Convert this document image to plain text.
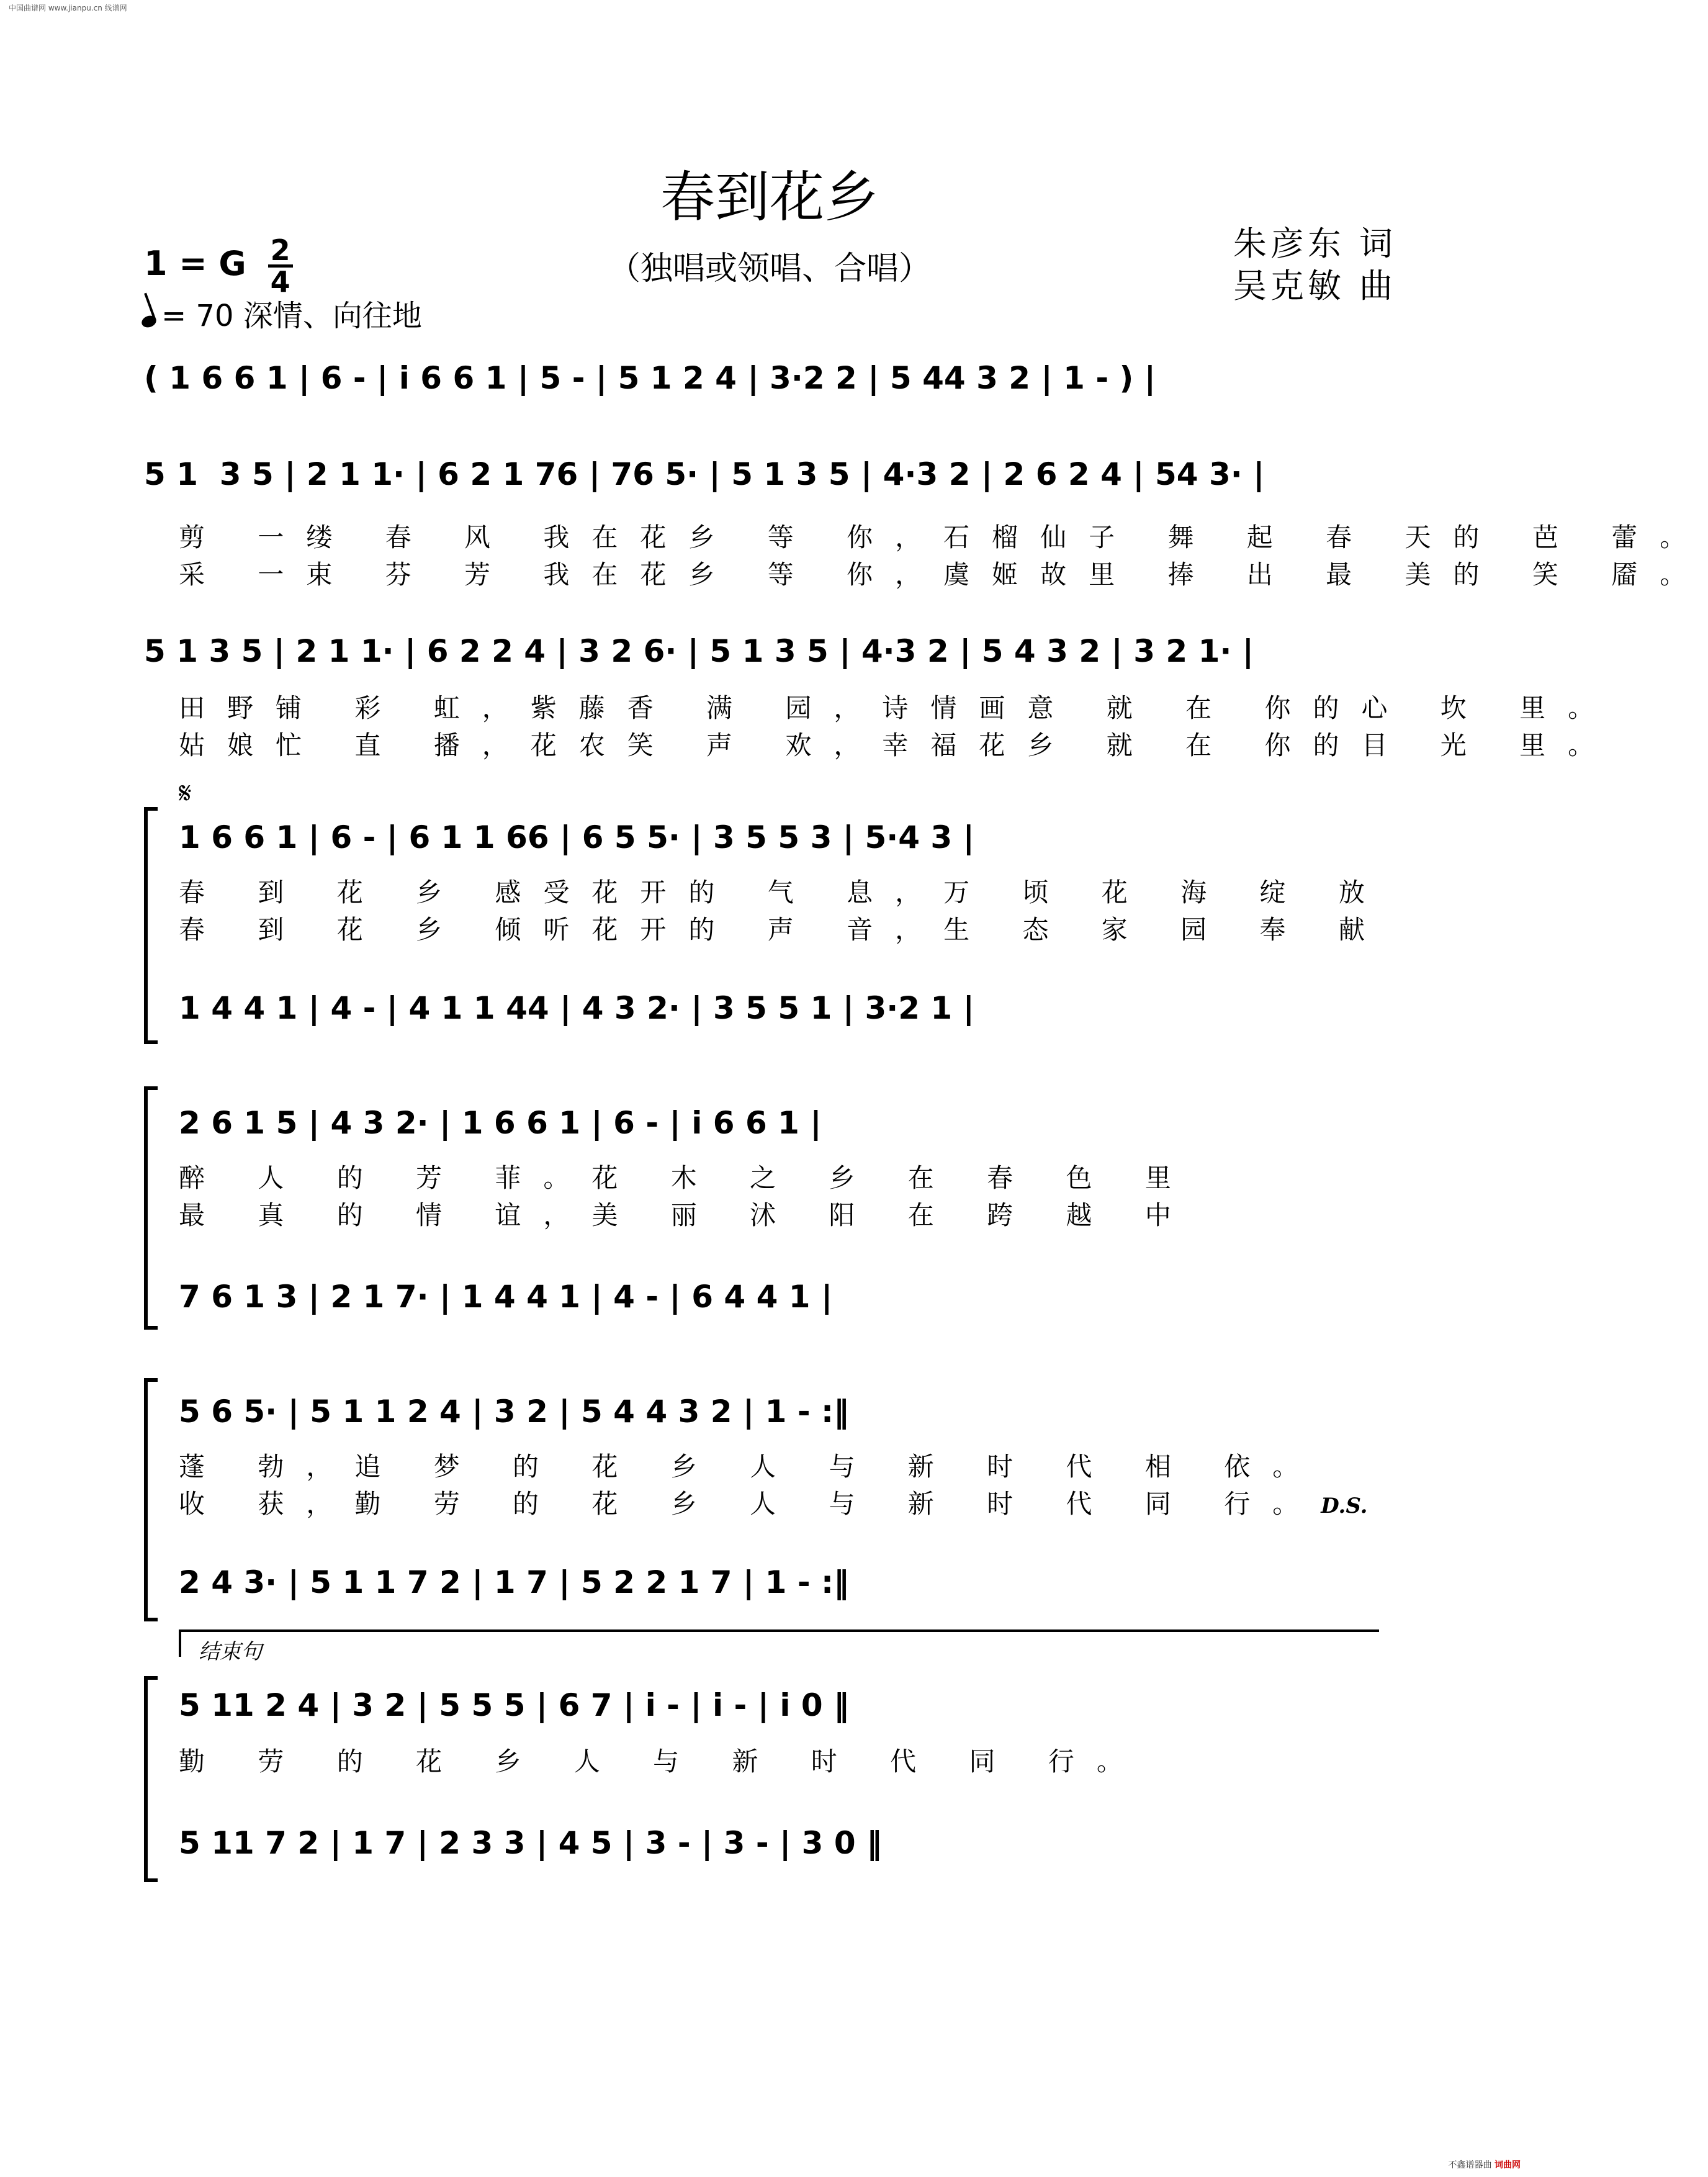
中国曲谱网 www.jianpu.cn 线谱网
春到花乡
（独唱或领唱、合唱）
朱彦东 词
吴克敏 曲
1 = G $\frac{2}{4}$
= 70 深情、向往地
( 1 6 6 1 | 6 - | i 6 6 1 | 5 - | 5 1 2 4 | 3·2 2 | 5 44 3 2 | 1 - ) |
5 1  3 5 | 2 1 1· | 6 2 1 76 | 76 5· | 5 1 3 5 | 4·3 2 | 2 6 2 4 | 54 3· |
剪 一缕 春 风 我在花乡 等 你，石榴仙子 舞 起 春 天的 芭 蕾。
采 一束 芬 芳 我在花乡 等 你，虞姬故里 捧 出 最 美的 笑 靥。
5 1 3 5 | 2 1 1· | 6 2 2 4 | 3 2 6· | 5 1 3 5 | 4·3 2 | 5 4 3 2 | 3 2 1· |
田野铺 彩 虹，紫藤香 满 园，诗情画意 就 在 你的心 坎 里。
姑娘忙 直 播，花农笑 声 欢，幸福花乡 就 在 你的目 光 里。
𝄋
1 6 6 1 | 6 - | 6 1 1 66 | 6 5 5· | 3 5 5 3 | 5·4 3 |
春 到 花 乡 感受花开的 气 息，万 顷 花 海 绽 放
春 到 花 乡 倾听花开的 声 音，生 态 家 园 奉 献
1 4 4 1 | 4 - | 4 1 1 44 | 4 3 2· | 3 5 5 1 | 3·2 1 |
2 6 1 5 | 4 3 2· | 1 6 6 1 | 6 - | i 6 6 1 |
醉 人 的 芳 菲。花 木 之 乡 在 春 色 里
最 真 的 情 谊，美 丽 沭 阳 在 跨 越 中
7 6 1 3 | 2 1 7· | 1 4 4 1 | 4 - | 6 4 4 1 |
5 6 5· | 5 1 1 2 4 | 3 2 | 5 4 4 3 2 | 1 - :‖
蓬 勃，追 梦 的 花 乡 人 与 新 时 代 相 依。
收 获，勤 劳 的 花 乡 人 与 新 时 代 同 行。D.S.
2 4 3· | 5 1 1 7 2 | 1 7 | 5 2 2 1 7 | 1 - :‖
结束句
5 11 2 4 | 3 2 | 5 5 5 | 6 7 | i - | i - | i 0 ‖
勤 劳 的 花 乡 人 与 新 时 代 同 行。
5 11 7 2 | 1 7 | 2 3 3 | 4 5 | 3 - | 3 - | 3 0 ‖
不鑫谱器曲 词曲网
